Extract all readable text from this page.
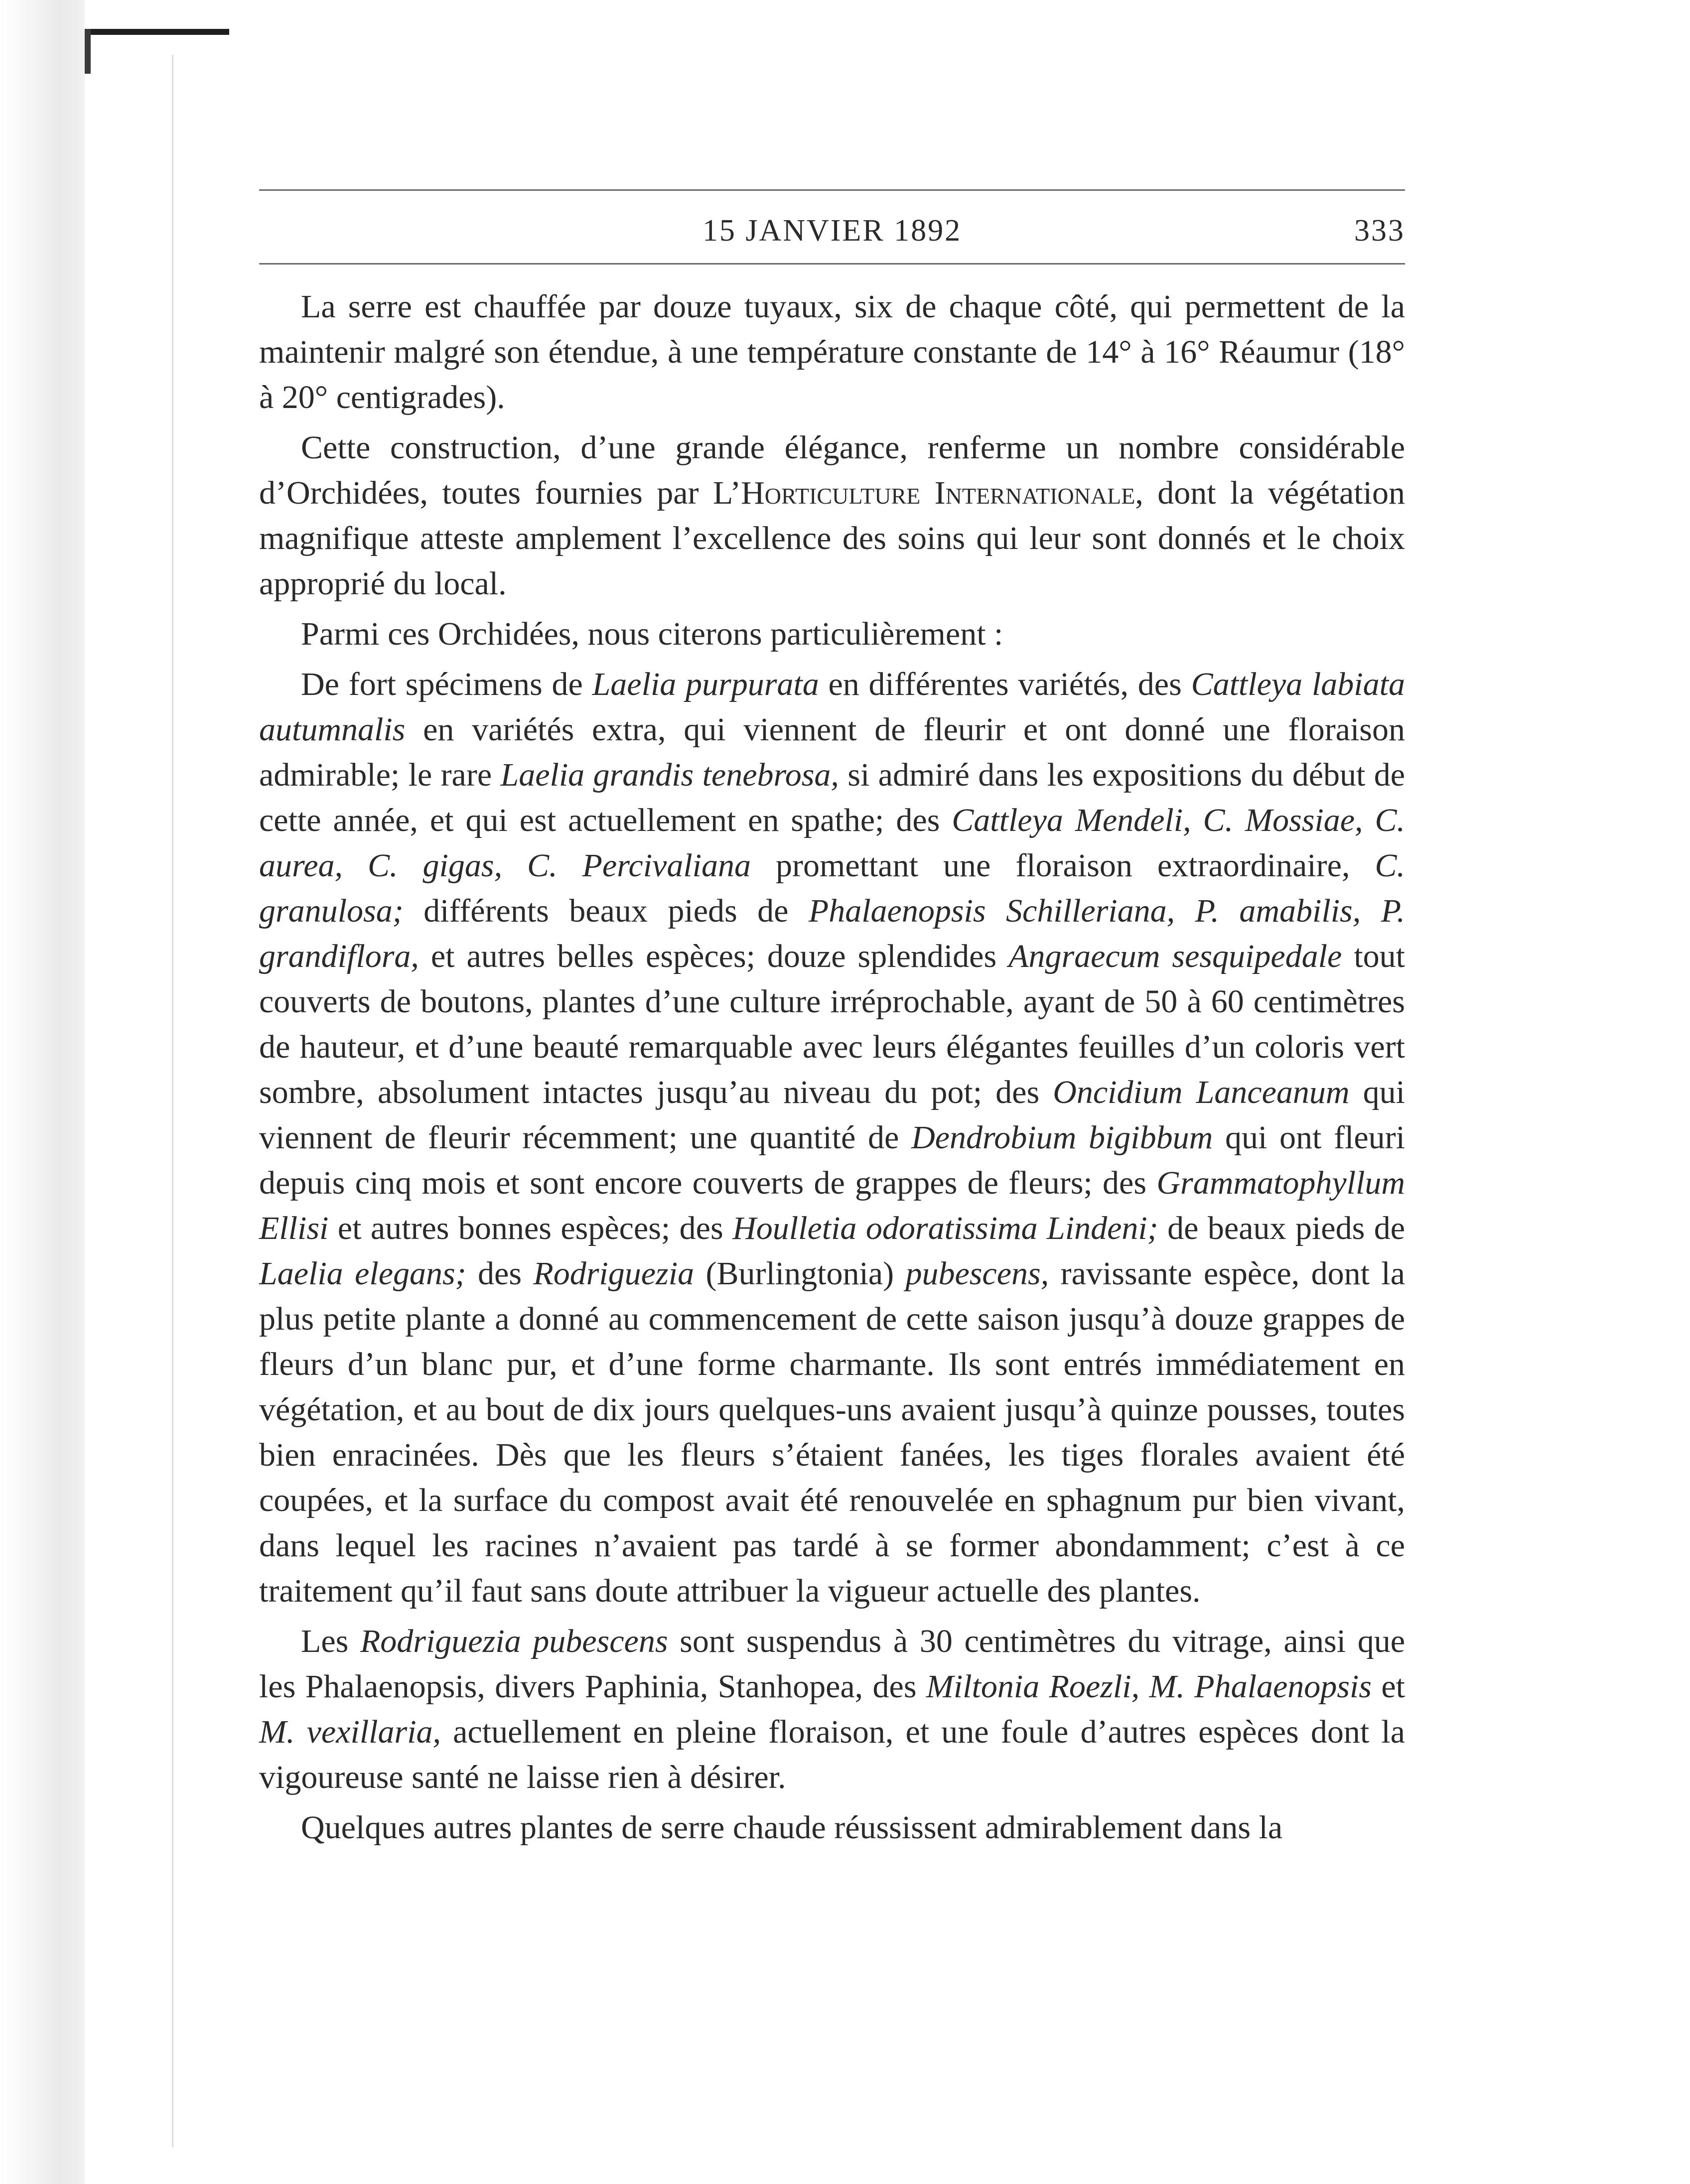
15 JANVIER 1892	333

La serre est chauffée par douze tuyaux, six de chaque côté, qui permettent de la maintenir malgré son étendue, à une température constante de 14° à 16° Réaumur (18° à 20° centigrades).

Cette construction, d’une grande élégance, renferme un nombre considérable d’Orchidées, toutes fournies par L’Horticulture Internationale, dont la végétation magnifique atteste amplement l’excellence des soins qui leur sont donnés et le choix approprié du local.

Parmi ces Orchidées, nous citerons particulièrement :

De fort spécimens de Laelia purpurata en différentes variétés, des Cattleya labiata autumnalis en variétés extra, qui viennent de fleurir et ont donné une floraison admirable; le rare Laelia grandis tenebrosa, si admiré dans les expositions du début de cette année, et qui est actuellement en spathe; des Cattleya Mendeli, C. Mossiae, C. aurea, C. gigas, C. Percivaliana promettant une floraison extraordinaire, C. granulosa; différents beaux pieds de Phalaenopsis Schilleriana, P. amabilis, P. grandiflora, et autres belles espèces; douze splendides Angraecum sesquipedale tout couverts de boutons, plantes d’une culture irréprochable, ayant de 50 à 60 centimètres de hauteur, et d’une beauté remarquable avec leurs élégantes feuilles d’un coloris vert sombre, absolument intactes jusqu’au niveau du pot; des Oncidium Lanceanum qui viennent de fleurir récemment; une quantité de Dendrobium bigibbum qui ont fleuri depuis cinq mois et sont encore couverts de grappes de fleurs; des Grammatophyllum Ellisi et autres bonnes espèces; des Houlletia odoratissima Lindeni; de beaux pieds de Laelia elegans; des Rodriguezia (Burlingtonia) pubescens, ravissante espèce, dont la plus petite plante a donné au commencement de cette saison jusqu’à douze grappes de fleurs d’un blanc pur, et d’une forme charmante. Ils sont entrés immédiatement en végétation, et au bout de dix jours quelques-uns avaient jusqu’à quinze pousses, toutes bien enracinées. Dès que les fleurs s’étaient fanées, les tiges florales avaient été coupées, et la surface du compost avait été renouvelée en sphagnum pur bien vivant, dans lequel les racines n’avaient pas tardé à se former abondamment; c’est à ce traitement qu’il faut sans doute attribuer la vigueur actuelle des plantes.

Les Rodriguezia pubescens sont suspendus à 30 centimètres du vitrage, ainsi que les Phalaenopsis, divers Paphinia, Stanhopea, des Miltonia Roezli, M. Phalaenopsis et M. vexillaria, actuellement en pleine floraison, et une foule d’autres espèces dont la vigoureuse santé ne laisse rien à désirer.

Quelques autres plantes de serre chaude réussissent admirablement dans la
